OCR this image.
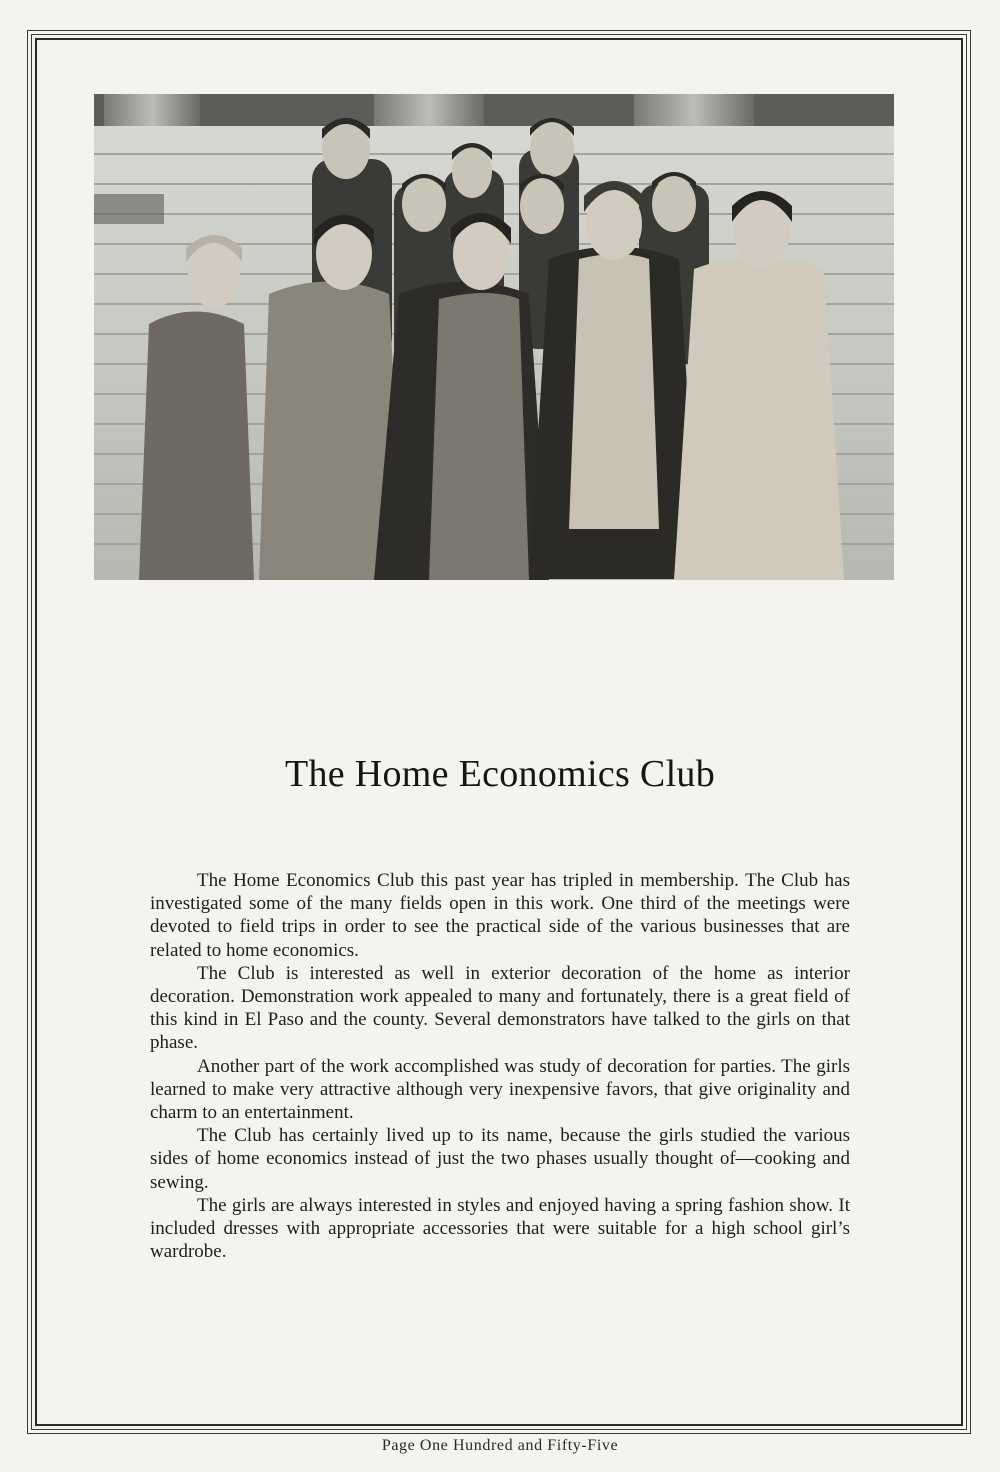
The Home Economics Club

The Home Economics Club this past year has tripled in membership. The Club has investigated some of the many fields open in this work. One third of the meetings were devoted to field trips in order to see the practical side of the various businesses that are related to home economics.

The Club is interested as well in exterior decoration of the home as interior decoration. Demonstration work appealed to many and fortunately, there is a great field of this kind in El Paso and the county. Several demonstrators have talked to the girls on that phase.

Another part of the work accomplished was study of decoration for parties. The girls learned to make very attractive although very inexpensive favors, that give originality and charm to an entertainment.

The Club has certainly lived up to its name, because the girls studied the various sides of home economics instead of just the two phases usually thought of—cooking and sewing.

The girls are always interested in styles and enjoyed having a spring fashion show. It included dresses with appropriate accessories that were suitable for a high school girl’s wardrobe.

Page One Hundred and Fifty-Five
